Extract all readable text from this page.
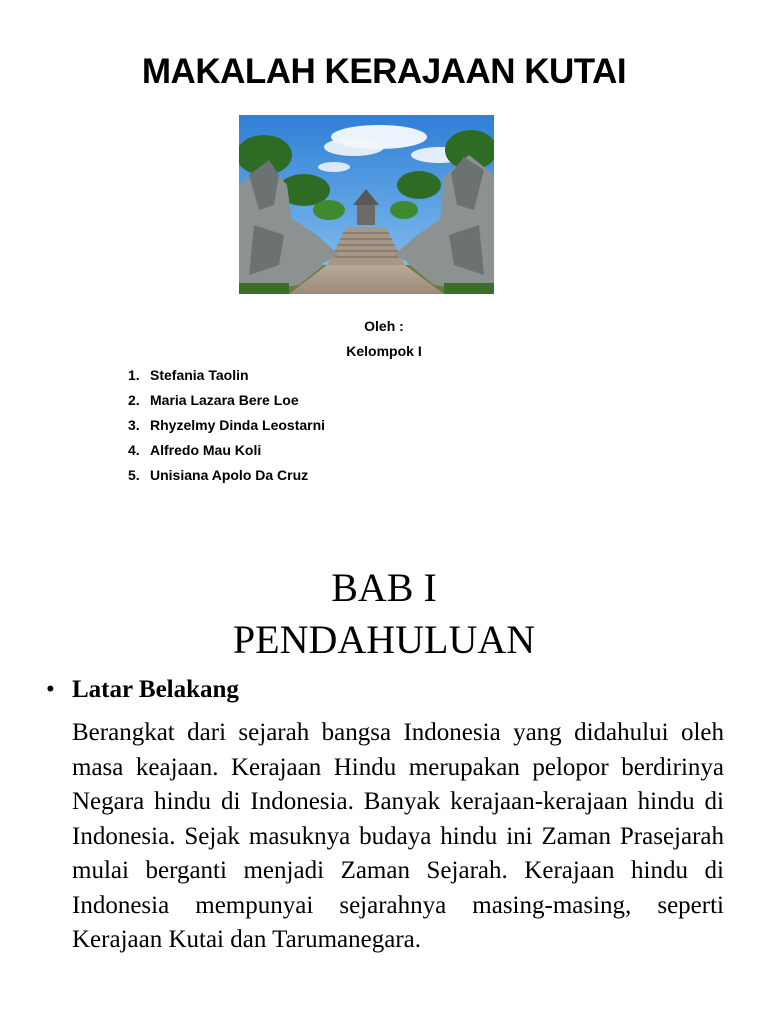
MAKALAH KERAJAAN KUTAI
Oleh :
Kelompok I
1. Stefania Taolin
2. Maria Lazara Bere Loe
3. Rhyzelmy Dinda Leostarni
4. Alfredo Mau Koli
5. Unisiana Apolo Da Cruz
BAB I
PENDAHULUAN
• Latar Belakang

Berangkat dari sejarah bangsa Indonesia yang didahului oleh masa keajaan. Kerajaan Hindu merupakan pelopor berdirinya Negara hindu di Indonesia. Banyak kerajaan-kerajaan hindu di Indonesia. Sejak masuknya budaya hindu ini Zaman Prasejarah mulai berganti menjadi Zaman Sejarah. Kerajaan hindu di Indonesia mempunyai sejarahnya masing-masing, seperti Kerajaan Kutai dan Tarumanegara.
